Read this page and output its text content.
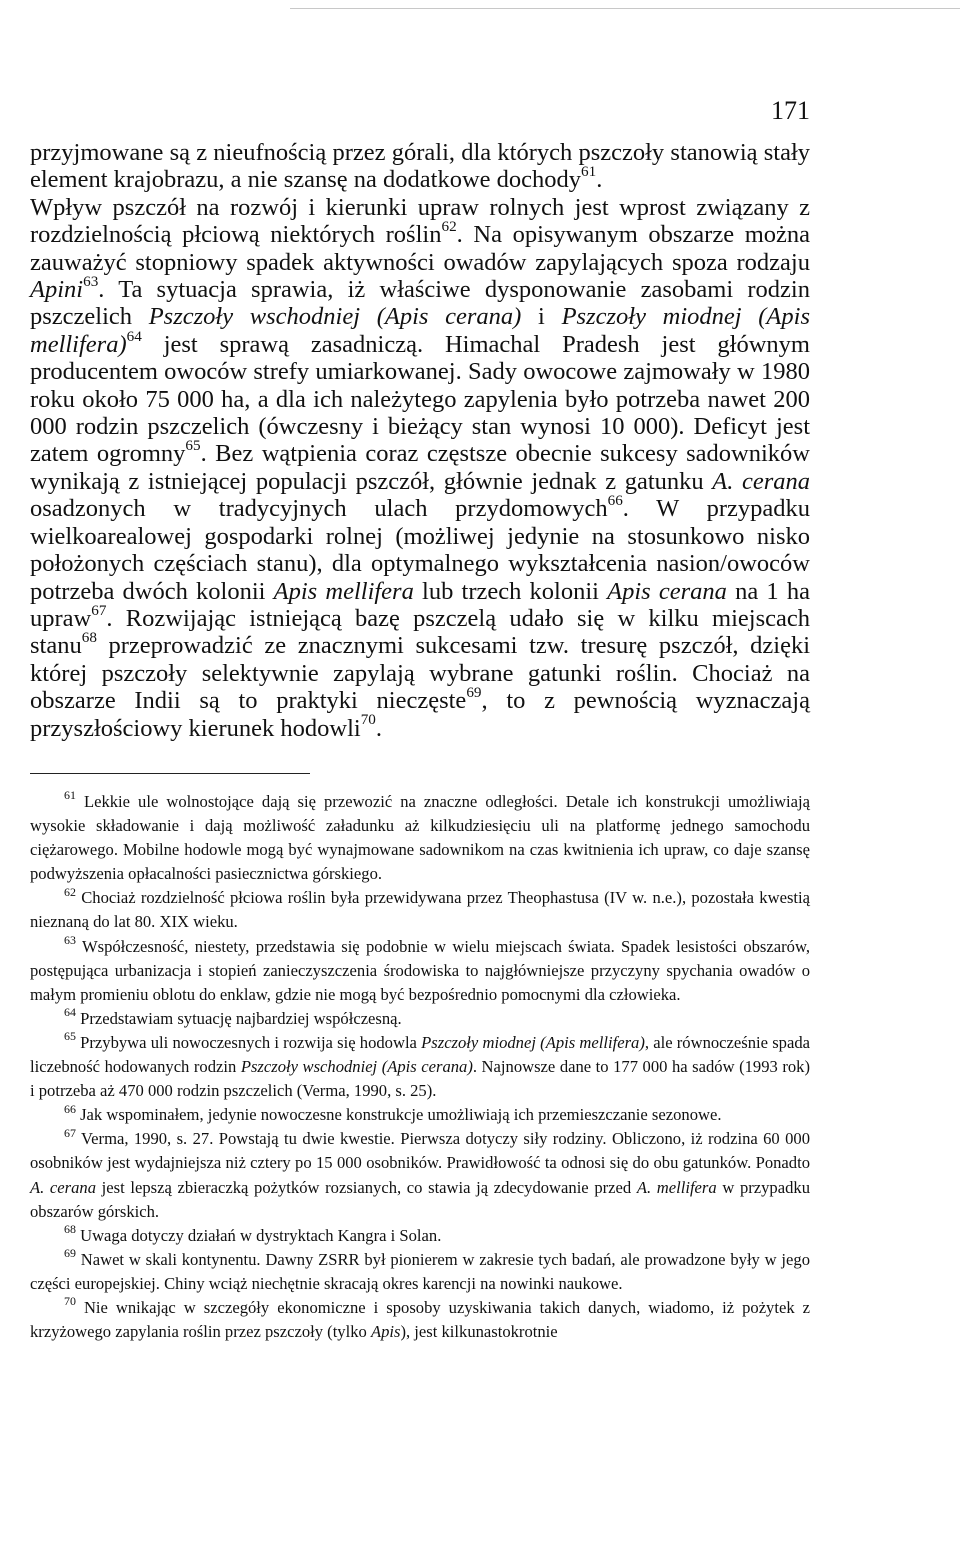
171

przyjmowane są z nieufnością przez górali, dla których pszczoły stanowią stały element krajobrazu, a nie szansę na dodatkowe dochody$^{61}$.

Wpływ pszczół na rozwój i kierunki upraw rolnych jest wprost związany z rozdzielnością płciową niektórych roślin$^{62}$. Na opisywanym obszarze można zauważyć stopniowy spadek aktywności owadów zapylających spoza rodzaju Apini$^{63}$. Ta sytuacja sprawia, iż właściwe dysponowanie zasobami rodzin pszczelich Pszczoły wschodniej (Apis cerana) i Pszczoły miodnej (Apis mellifera)$^{64}$ jest sprawą zasadniczą. Himachal Pradesh jest głównym producentem owoców strefy umiarkowanej. Sady owocowe zajmowały w 1980 roku około 75 000 ha, a dla ich należytego zapylenia było potrzeba nawet 200 000 rodzin pszczelich (ówczesny i bieżący stan wynosi 10 000). Deficyt jest zatem ogromny$^{65}$. Bez wątpienia coraz częstsze obecnie sukcesy sadowników wynikają z istniejącej populacji pszczół, głównie jednak z gatunku A. cerana osadzonych w tradycyjnych ulach przydomowych$^{66}$. W przypadku wielkoarealowej gospodarki rolnej (możliwej jedynie na stosunkowo nisko położonych częściach stanu), dla optymalnego wykształcenia nasion/owoców potrzeba dwóch kolonii Apis mellifera lub trzech kolonii Apis cerana na 1 ha upraw$^{67}$. Rozwijając istniejącą bazę pszczelą udało się w kilku miejscach stanu$^{68}$ przeprowadzić ze znacznymi sukcesami tzw. tresurę pszczół, dzięki której pszczoły selektywnie zapylają wybrane gatunki roślin. Chociaż na obszarze Indii są to praktyki nieczęste$^{69}$, to z pewnością wyznaczają przyszłościowy kierunek hodowli$^{70}$.

$^{61}$ Lekkie ule wolnostojące dają się przewozić na znaczne odległości. Detale ich konstrukcji umożliwiają wysokie składowanie i dają możliwość załadunku aż kilkudziesięciu uli na platformę jednego samochodu ciężarowego. Mobilne hodowle mogą być wynajmowane sadownikom na czas kwitnienia ich upraw, co daje szansę podwyższenia opłacalności pasiecznictwa górskiego.

$^{62}$ Chociaż rozdzielność płciowa roślin była przewidywana przez Theophastusa (IV w. n.e.), pozostała kwestią nieznaną do lat 80. XIX wieku.

$^{63}$ Współczesność, niestety, przedstawia się podobnie w wielu miejscach świata. Spadek lesistości obszarów, postępująca urbanizacja i stopień zanieczyszczenia środowiska to najgłówniejsze przyczyny spychania owadów o małym promieniu oblotu do enklaw, gdzie nie mogą być bezpośrednio pomocnymi dla człowieka.

$^{64}$ Przedstawiam sytuację najbardziej współczesną.

$^{65}$ Przybywa uli nowoczesnych i rozwija się hodowla Pszczoły miodnej (Apis mellifera), ale równocześnie spada liczebność hodowanych rodzin Pszczoły wschodniej (Apis cerana). Najnowsze dane to 177 000 ha sadów (1993 rok) i potrzeba aż 470 000 rodzin pszczelich (Verma, 1990, s. 25).

$^{66}$ Jak wspominałem, jedynie nowoczesne konstrukcje umożliwiają ich przemieszczanie sezonowe.

$^{67}$ Verma, 1990, s. 27. Powstają tu dwie kwestie. Pierwsza dotyczy siły rodziny. Obliczono, iż rodzina 60 000 osobników jest wydajniejsza niż cztery po 15 000 osobników. Prawidłowość ta odnosi się do obu gatunków. Ponadto A. cerana jest lepszą zbieraczką pożytków rozsianych, co stawia ją zdecydowanie przed A. mellifera w przypadku obszarów górskich.

$^{68}$ Uwaga dotyczy działań w dystryktach Kangra i Solan.

$^{69}$ Nawet w skali kontynentu. Dawny ZSRR był pionierem w zakresie tych badań, ale prowadzone były w jego części europejskiej. Chiny wciąż niechętnie skracają okres karencji na nowinki naukowe.

$^{70}$ Nie wnikając w szczegóły ekonomiczne i sposoby uzyskiwania takich danych, wiadomo, iż pożytek z krzyżowego zapylania roślin przez pszczoły (tylko Apis), jest kilkunastokrotnie
